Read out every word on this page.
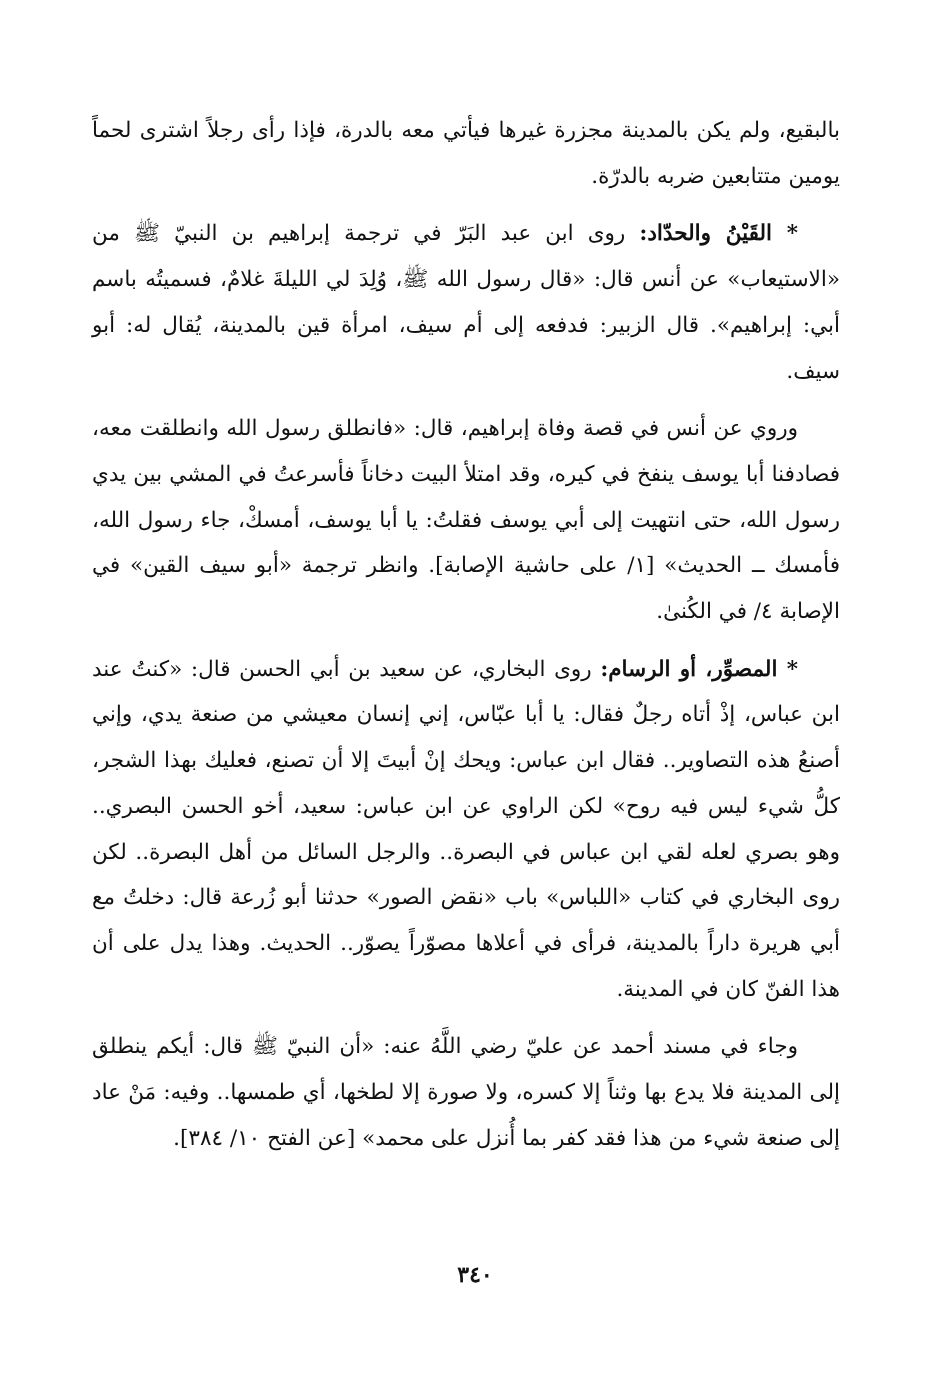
بالبقيع، ولم يكن بالمدينة مجزرة غيرها فيأتي معه بالدرة، فإذا رأى رجلاً اشترى لحماً يومين متتابعين ضربه بالدرّة.

* القَيْنُ والحدّاد: روى ابن عبد البَرّ في ترجمة إبراهيم بن النبيّ ﷺ من «الاستيعاب» عن أنس قال: «قال رسول الله ﷺ، وُلِدَ لي الليلةَ غلامٌ، فسميتُه باسم أبي: إبراهيم». قال الزبير: فدفعه إلى أم سيف، امرأة قين بالمدينة، يُقال له: أبو سيف.

وروي عن أنس في قصة وفاة إبراهيم، قال: «فانطلق رسول الله وانطلقت معه، فصادفنا أبا يوسف ينفخ في كيره، وقد امتلأ البيت دخاناً فأسرعتُ في المشي بين يدي رسول الله، حتى انتهيت إلى أبي يوسف فقلتُ: يا أبا يوسف، أمسكْ، جاء رسول الله، فأمسك ــ الحديث» [١/ على حاشية الإصابة]. وانظر ترجمة «أبو سيف القين» في الإصابة ٤/ في الكُنىٰ.

* المصوِّر، أو الرسام: روى البخاري، عن سعيد بن أبي الحسن قال: «كنتُ عند ابن عباس، إذْ أتاه رجلٌ فقال: يا أبا عبّاس، إني إنسان معيشي من صنعة يدي، وإني أصنعُ هذه التصاوير.. فقال ابن عباس: ويحك إنْ أبيتَ إلا أن تصنع، فعليك بهذا الشجر، كلُّ شيء ليس فيه روح» لكن الراوي عن ابن عباس: سعيد، أخو الحسن البصري.. وهو بصري لعله لقي ابن عباس في البصرة.. والرجل السائل من أهل البصرة.. لكن روى البخاري في كتاب «اللباس» باب «نقض الصور» حدثنا أبو زُرعة قال: دخلتُ مع أبي هريرة داراً بالمدينة، فرأى في أعلاها مصوّراً يصوّر.. الحديث. وهذا يدل على أن هذا الفنّ كان في المدينة.

وجاء في مسند أحمد عن عليّ رضي اللَّهُ عنه: «أن النبيّ ﷺ قال: أيكم ينطلق إلى المدينة فلا يدع بها وثناً إلا كسره، ولا صورة إلا لطخها، أي طمسها.. وفيه: مَنْ عاد إلى صنعة شيء من هذا فقد كفر بما أُنزل على محمد» [عن الفتح ١٠/ ٣٨٤].

٣٤٠
